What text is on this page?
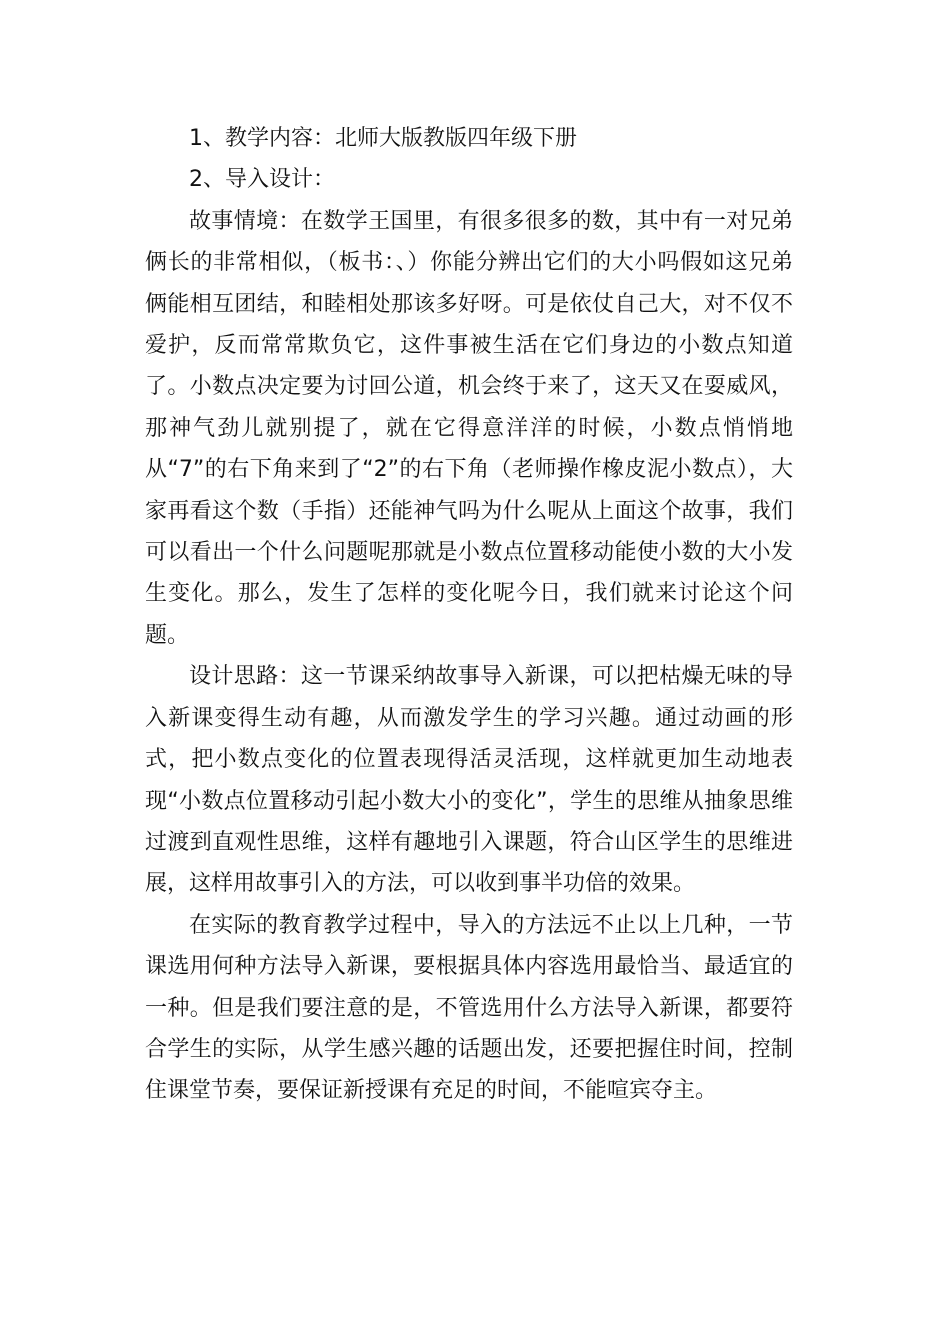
1、教学内容：北师大版教版四年级下册

2、导入设计：

故事情境：在数学王国里，有很多很多的数，其中有一对兄弟俩长的非常相似，（板书：、）你能分辨出它们的大小吗假如这兄弟俩能相互团结，和睦相处那该多好呀。可是依仗自己大，对不仅不爱护，反而常常欺负它，这件事被生活在它们身边的小数点知道了。小数点决定要为讨回公道，机会终于来了，这天又在耍威风，那神气劲儿就别提了，就在它得意洋洋的时候，小数点悄悄地从“7”的右下角来到了“2”的右下角（老师操作橡皮泥小数点），大家再看这个数（手指）还能神气吗为什么呢从上面这个故事，我们可以看出一个什么问题呢那就是小数点位置移动能使小数的大小发生变化。那么，发生了怎样的变化呢今日，我们就来讨论这个问题。

设计思路：这一节课采纳故事导入新课，可以把枯燥无味的导入新课变得生动有趣，从而激发学生的学习兴趣。通过动画的形式，把小数点变化的位置表现得活灵活现，这样就更加生动地表现“小数点位置移动引起小数大小的变化”，学生的思维从抽象思维过渡到直观性思维，这样有趣地引入课题，符合山区学生的思维进展，这样用故事引入的方法，可以收到事半功倍的效果。

在实际的教育教学过程中，导入的方法远不止以上几种，一节课选用何种方法导入新课，要根据具体内容选用最恰当、最适宜的一种。但是我们要注意的是，不管选用什么方法导入新课，都要符合学生的实际，从学生感兴趣的话题出发，还要把握住时间，控制住课堂节奏，要保证新授课有充足的时间，不能喧宾夺主。
